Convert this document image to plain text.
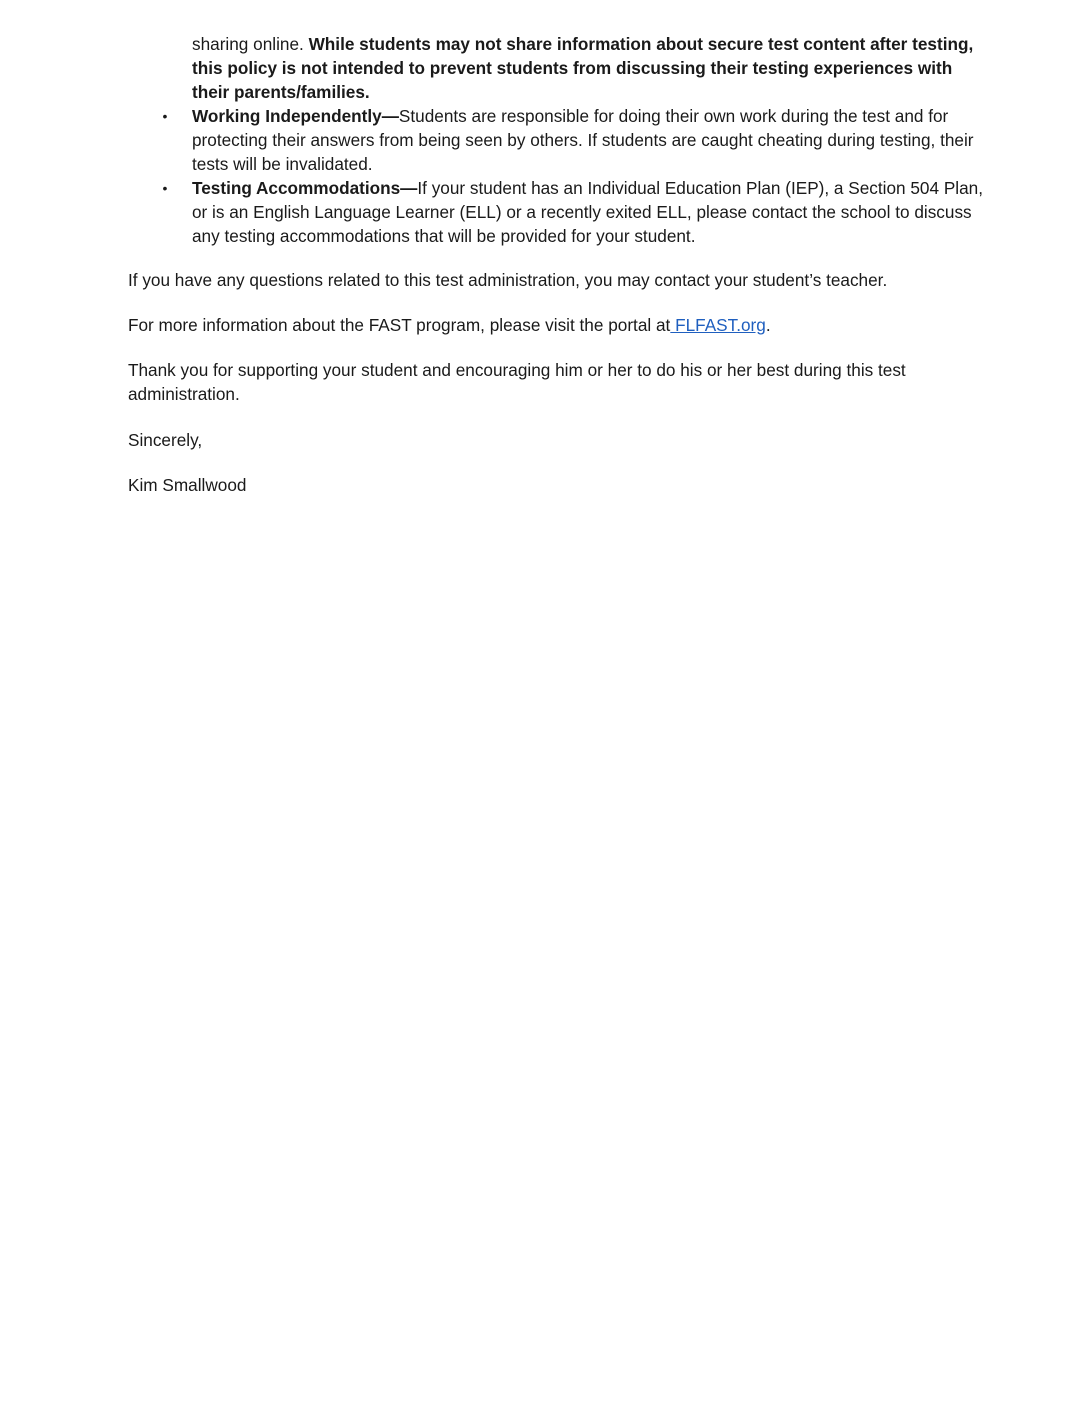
sharing online. While students may not share information about secure test content after testing, this policy is not intended to prevent students from discussing their testing experiences with their parents/families.
• Working Independently—Students are responsible for doing their own work during the test and for protecting their answers from being seen by others. If students are caught cheating during testing, their tests will be invalidated.
• Testing Accommodations—If your student has an Individual Education Plan (IEP), a Section 504 Plan, or is an English Language Learner (ELL) or a recently exited ELL, please contact the school to discuss any testing accommodations that will be provided for your student.

If you have any questions related to this test administration, you may contact your student’s teacher.

For more information about the FAST program, please visit the portal at FLFAST.org.

Thank you for supporting your student and encouraging him or her to do his or her best during this test administration.

Sincerely,

Kim Smallwood
